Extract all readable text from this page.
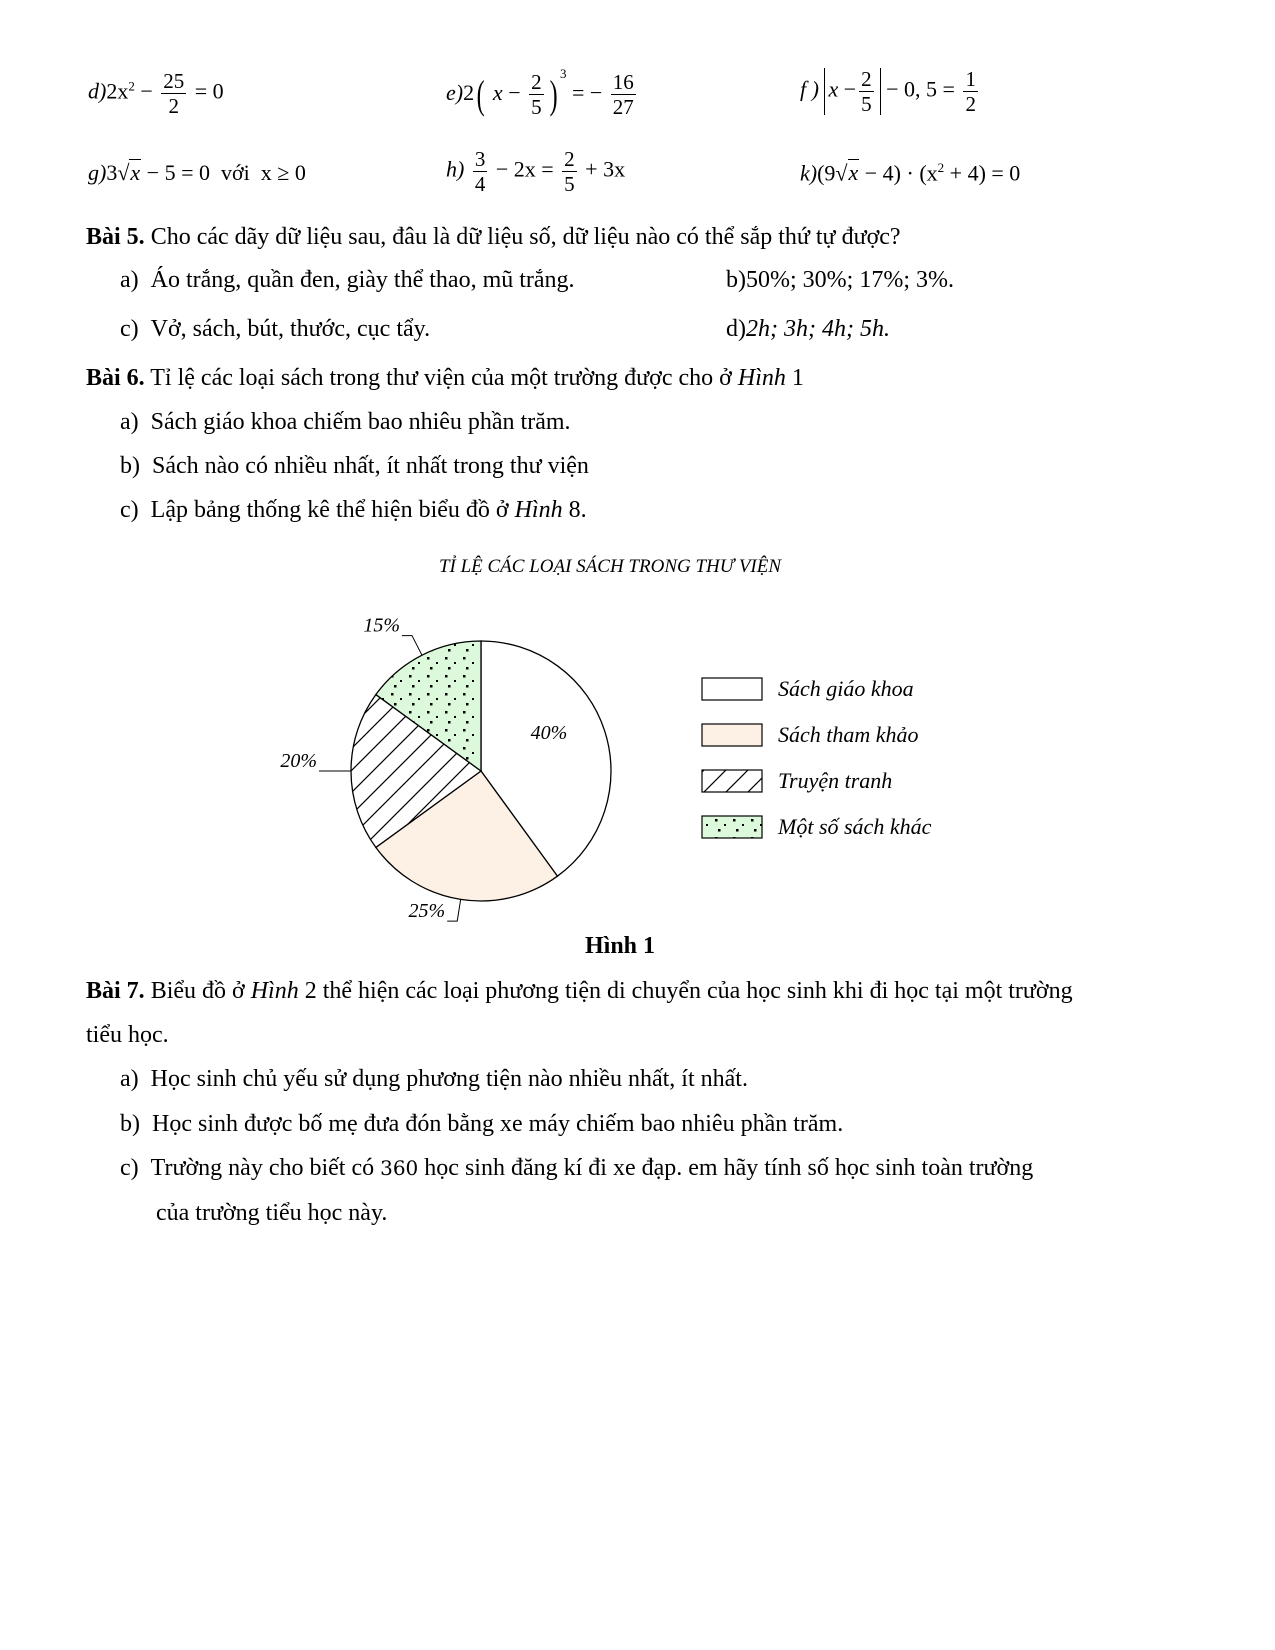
$d)2x^2 - \frac{25}{2} = 0$	e)2( $x - \frac{2}{5}$ ) $^3$ = − $\frac{16}{27}$	f ) $x - \frac{2}{5} - 0$, $5 = \frac{1}{2}$
g)3√x − 5 = 0 với x ≥ 0	$h) \frac{3}{4} - 2x = \frac{2}{5} + 3x$	$k)(9√x - 4) \cdot (x^2 + 4) = 0$
Bài 5. Cho các dãy dữ liệu sau, đâu là dữ liệu số, dữ liệu nào có thể sắp thứ tự được?
a) Áo trắng, quần đen, giày thể thao, mũ trắng.	b)50%; 30%; 17%; 3%.
c) Vở, sách, bút, thước, cục tẩy.	d)2h; 3h; 4h; 5h.
Bài 6. Tỉ lệ các loại sách trong thư viện của một trường được cho ở Hình 1
a) Sách giáo khoa chiếm bao nhiêu phần trăm.
b) Sách nào có nhiều nhất, ít nhất trong thư viện
c) Lập bảng thống kê thể hiện biểu đồ ở Hình 8.
TỈ LỆ CÁC LOẠI SÁCH TRONG THƯ VIỆN
40%
25%
20%
15%
Sách giáo khoa
Sách tham khảo
Truyện tranh
Một số sách khác
Hình 1
Bài 7. Biểu đồ ở Hình 2 thể hiện các loại phương tiện di chuyển của học sinh khi đi học tại một trường
tiểu học.
a) Học sinh chủ yếu sử dụng phương tiện nào nhiều nhất, ít nhất.
b) Học sinh được bố mẹ đưa đón bằng xe máy chiếm bao nhiêu phần trăm.
c) Trường này cho biết có 360 học sinh đăng kí đi xe đạp. em hãy tính số học sinh toàn trường
của trường tiểu học này.
